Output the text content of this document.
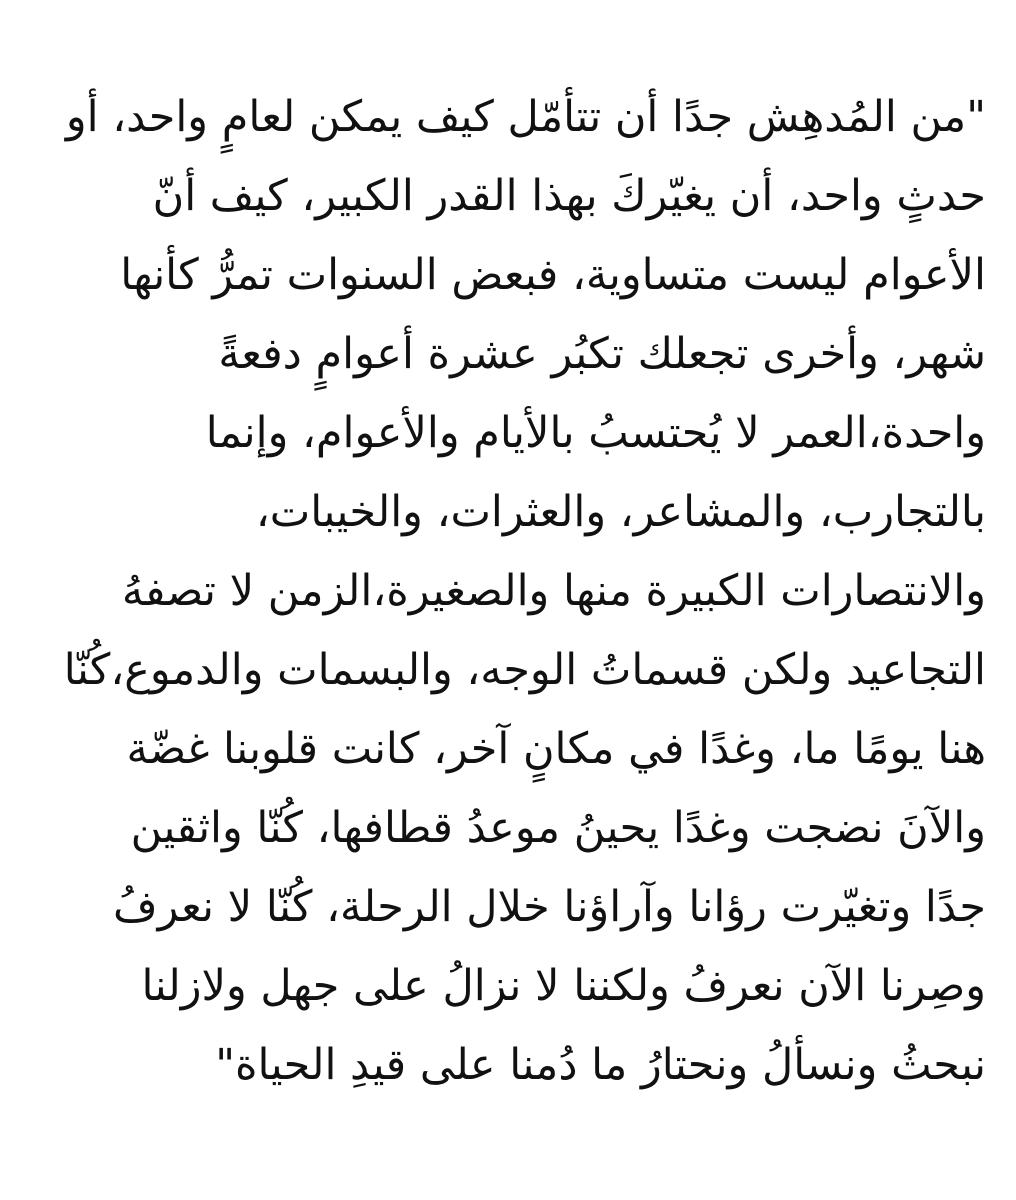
"من المُدهِش جدًا أن تتأمّل كيف يمكن لعامٍ واحد، أو
حدثٍ واحد، أن يغيّركَ بهذا القدر الكبير، كيف أنّ
الأعوام ليست متساوية، فبعض السنوات تمرُّ كأنها
شهر، وأخرى تجعلك تكبُر عشرة أعوامٍ دفعةً
واحدة،العمر لا يُحتسبُ بالأيام والأعوام، وإنما
بالتجارب، والمشاعر، والعثرات، والخيبات،
والانتصارات الكبيرة منها والصغيرة،الزمن لا تصفهُ
التجاعيد ولكن قسماتُ الوجه، والبسمات والدموع،كُنّا
هنا يومًا ما، وغدًا في مكانٍ آخر، كانت قلوبنا غضّة
والآنَ نضجت وغدًا يحينُ موعدُ قطافها، كُنّا واثقين
جدًا وتغيّرت رؤانا وآراؤنا خلال الرحلة، كُنّا لا نعرفُ
وصِرنا الآن نعرفُ ولكننا لا نزالُ على جهل ولازلنا
نبحثُ ونسألُ ونحتارُ ما دُمنا على قيدِ الحياة"
